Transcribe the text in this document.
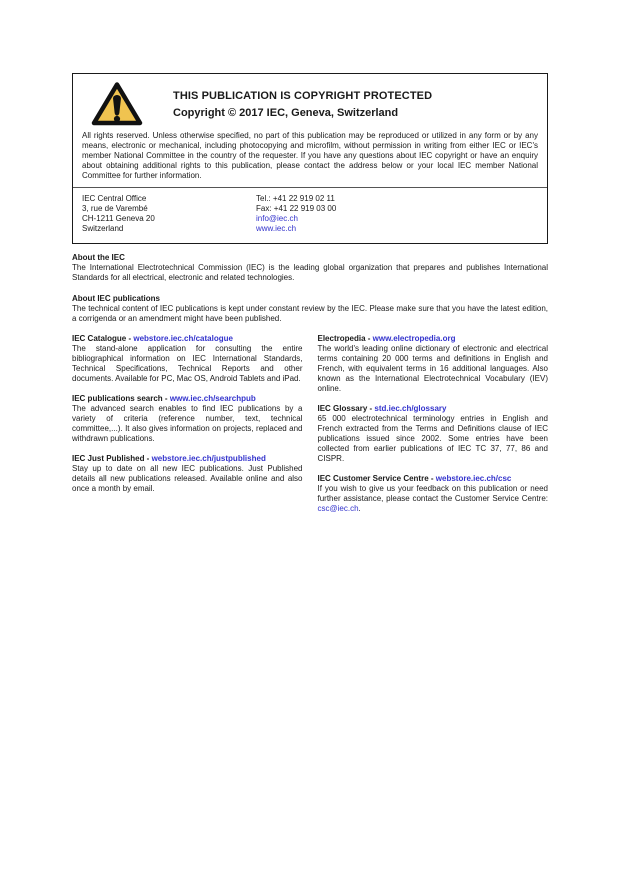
THIS PUBLICATION IS COPYRIGHT PROTECTED
Copyright © 2017 IEC, Geneva, Switzerland
All rights reserved. Unless otherwise specified, no part of this publication may be reproduced or utilized in any form or by any means, electronic or mechanical, including photocopying and microfilm, without permission in writing from either IEC or IEC's member National Committee in the country of the requester. If you have any questions about IEC copyright or have an enquiry about obtaining additional rights to this publication, please contact the address below or your local IEC member National Committee for further information.
IEC Central Office
3, rue de Varembé
CH-1211 Geneva 20
Switzerland
Tel.: +41 22 919 02 11
Fax: +41 22 919 03 00
info@iec.ch
www.iec.ch
About the IEC
The International Electrotechnical Commission (IEC) is the leading global organization that prepares and publishes International Standards for all electrical, electronic and related technologies.
About IEC publications
The technical content of IEC publications is kept under constant review by the IEC. Please make sure that you have the latest edition, a corrigenda or an amendment might have been published.
IEC Catalogue - webstore.iec.ch/catalogue
The stand-alone application for consulting the entire bibliographical information on IEC International Standards, Technical Specifications, Technical Reports and other documents. Available for PC, Mac OS, Android Tablets and iPad.
IEC publications search - www.iec.ch/searchpub
The advanced search enables to find IEC publications by a variety of criteria (reference number, text, technical committee,...). It also gives information on projects, replaced and withdrawn publications.
IEC Just Published - webstore.iec.ch/justpublished
Stay up to date on all new IEC publications. Just Published details all new publications released. Available online and also once a month by email.
Electropedia - www.electropedia.org
The world's leading online dictionary of electronic and electrical terms containing 20 000 terms and definitions in English and French, with equivalent terms in 16 additional languages. Also known as the International Electrotechnical Vocabulary (IEV) online.
IEC Glossary - std.iec.ch/glossary
65 000 electrotechnical terminology entries in English and French extracted from the Terms and Definitions clause of IEC publications issued since 2002. Some entries have been collected from earlier publications of IEC TC 37, 77, 86 and CISPR.
IEC Customer Service Centre - webstore.iec.ch/csc
If you wish to give us your feedback on this publication or need further assistance, please contact the Customer Service Centre: csc@iec.ch.
